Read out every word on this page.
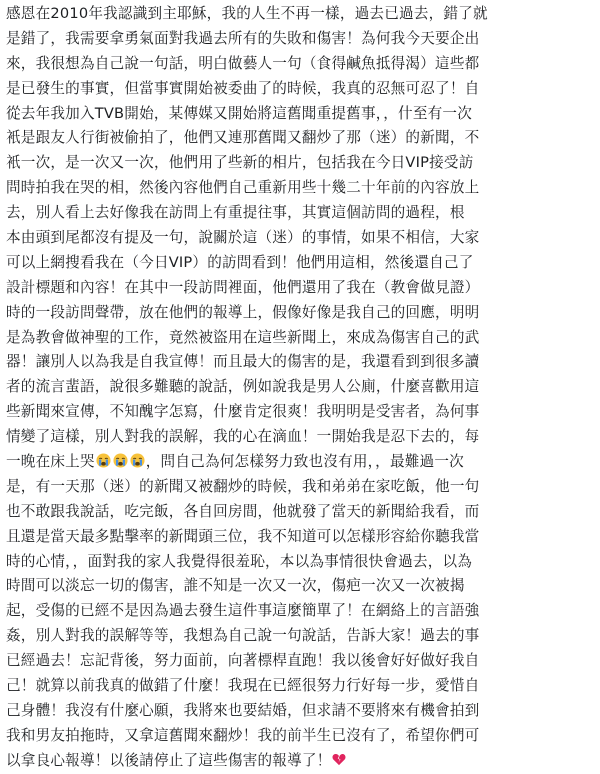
感恩在2010年我認識到主耶穌，我的人生不再一樣，過去已過去，錯了就
是錯了，我需要拿勇氣面對我過去所有的失敗和傷害！為何我今天要企出
來，我很想為自己說一句話，明白做藝人一句（食得鹹魚抵得渴）這些都
是已發生的事實，但當事實開始被委曲了的時候，我真的忍無可忍了！自
從去年我加入TVB開始，某傳媒又開始將這舊聞重提舊事，，什至有一次
衹是跟友人行街被偷拍了，他們又連那舊聞又翻炒了那（迷）的新聞，不
衹一次，是一次又一次，他們用了些新的相片，包括我在今日VIP接受訪
問時拍我在哭的相，然後內容他們自己重新用些十幾二十年前的內容放上
去，別人看上去好像我在訪問上有重提往事，其實這個訪問的過程，根
本由頭到尾都沒有提及一句，說關於這（迷）的事情，如果不相信，大家
可以上網搜看我在（今日VIP）的訪問看到！他們用這相，然後還自己了
設計標題和內容！在其中一段訪問裡面，他們還用了我在（教會做見證）
時的一段訪問聲帶，放在他們的報導上，假像好像是我自己的回應，明明
是為教會做神聖的工作，竟然被盜用在這些新聞上，來成為傷害自己的武
器！讓別人以為我是自我宣傳！而且最大的傷害的是，我還看到到很多讀
者的流言蜚語，說很多難聽的說話，例如說我是男人公廁，什麼喜歡用這
些新聞來宣傳，不知醜字怎寫，什麼肯定很爽！我明明是受害者，為何事
情變了這樣，別人對我的誤解，我的心在滴血！一開始我是忍下去的，每
一晚在床上哭	，問自己為何怎樣努力致也沒有用，，最難過一次
是，有一天那（迷）的新聞又被翻炒的時候，我和弟弟在家吃飯，他一句
也不敢跟我說話，吃完飯，各自回房間，他就發了當天的新聞給我看，而
且還是當天最多點擊率的新聞頭三位，我不知道可以怎樣形容給你聽我當
時的心情，，面對我的家人我覺得很羞恥，本以為事情很快會過去，以為
時間可以淡忘一切的傷害，誰不知是一次又一次，傷疤一次又一次被揭
起，受傷的已經不是因為過去發生這件事這麼簡單了！在網絡上的言語強
姦，別人對我的誤解等等，我想為自己說一句說話，告訴大家！過去的事
已經過去！忘記背後，努力面前，向著標桿直跑！我以後會好好做好我自
己！就算以前我真的做錯了什麼！我現在已經很努力行好每一步，愛惜自
己身體！我沒有什麼心願，我將來也要結婚，但求請不要將來有機會拍到
我和男友拍拖時，又拿這舊聞來翻炒！我的前半生已沒有了，希望你們可
以拿良心報導！以後請停止了這些傷害的報導了！
